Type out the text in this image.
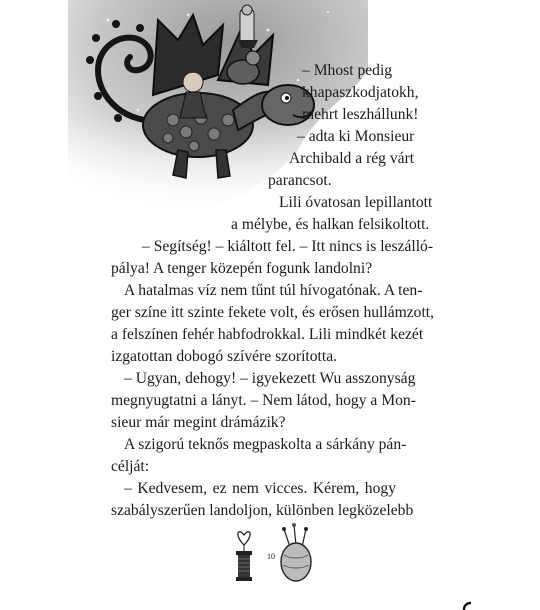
– Mhost pedig
khapaszkodjatokh,
mehrt leszhállunk!
– adta ki Monsieur
Archibald a rég várt
parancsot.
Lili óvatosan lepillantott
a mélybe, és halkan felsikoltott.
– Segítség! – kiáltott fel. – Itt nincs is leszálló-
pálya! A tenger közepén fogunk landolni?
A hatalmas víz nem tűnt túl hívogatónak. A ten-
ger színe itt szinte fekete volt, és erősen hullámzott,
a felszínen fehér habfodrokkal. Lili mindkét kezét
izgatottan dobogó szívére szorította.
– Ugyan, dehogy! – igyekezett Wu asszonyság
megnyugtatni a lányt. – Nem látod, hogy a Mon-
sieur már megint drámázik?
A szigorú teknős megpaskolta a sárkány pán-
célját:
– Kedvesem, ez nem vicces. Kérem, hogy
szabályszerűen landoljon, különben legközelebb
10
